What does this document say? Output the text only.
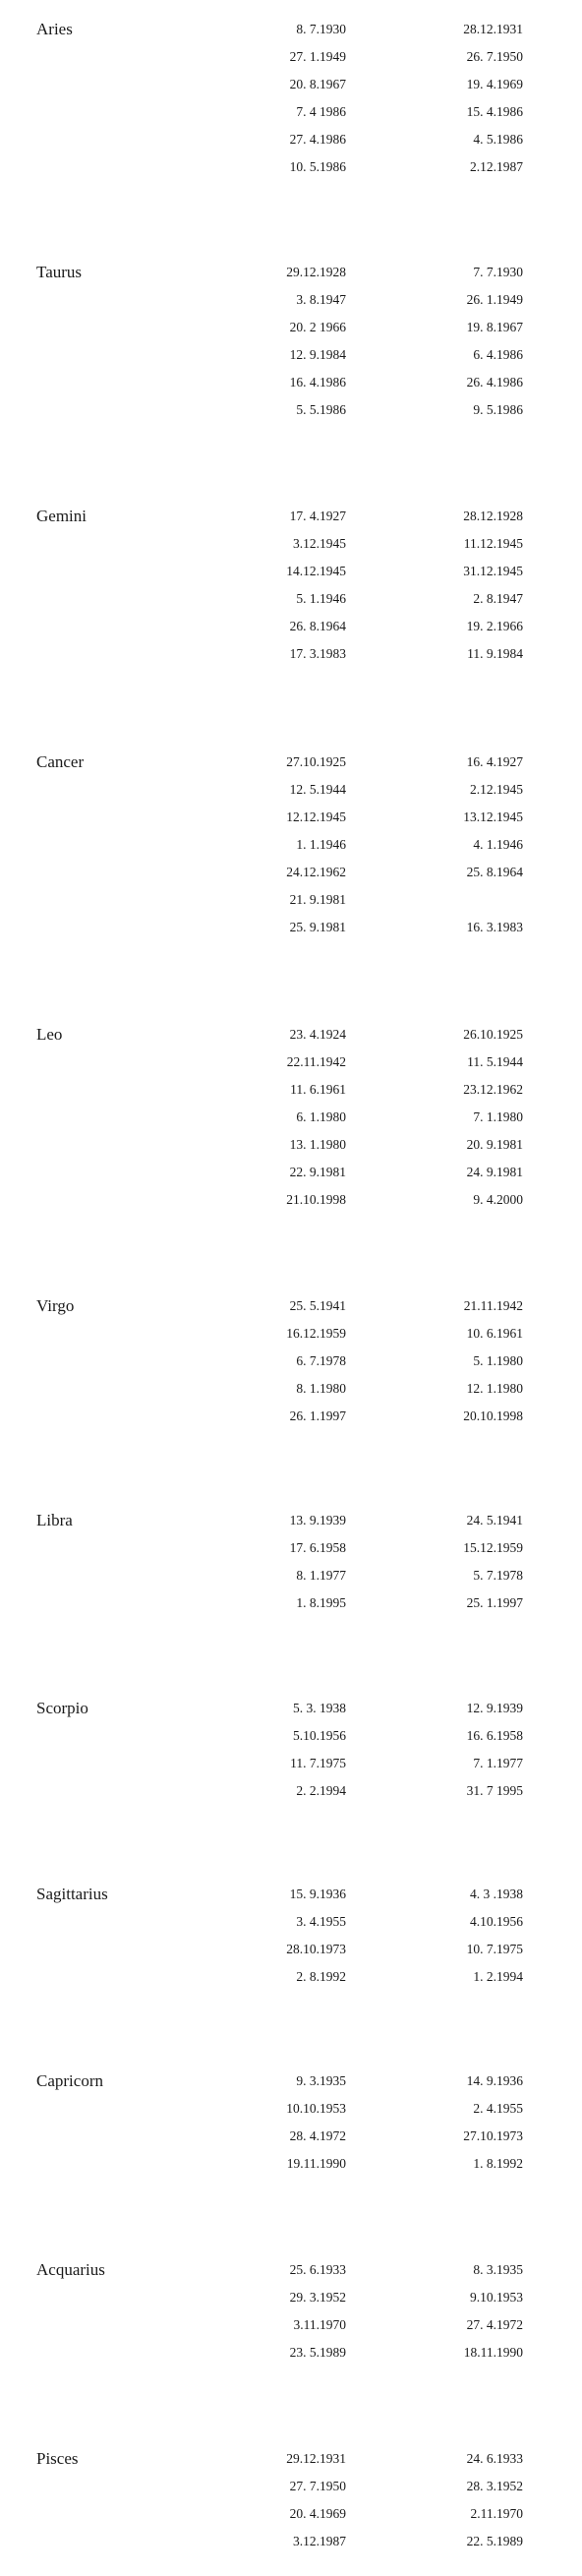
Aries	8. 7.1930	28.12.1931
27. 1.1949	26. 7.1950
20. 8.1967	19. 4.1969
7. 4 1986	15. 4.1986
27. 4.1986	4. 5.1986
10. 5.1986	2.12.1987
Taurus	29.12.1928	7. 7.1930
3. 8.1947	26. 1.1949
20. 2 1966	19. 8.1967
12. 9.1984	6. 4.1986
16. 4.1986	26. 4.1986
5. 5.1986	9. 5.1986
Gemini	17. 4.1927	28.12.1928
3.12.1945	11.12.1945
14.12.1945	31.12.1945
5. 1.1946	2. 8.1947
26. 8.1964	19. 2.1966
17. 3.1983	11. 9.1984
Cancer	27.10.1925	16. 4.1927
12. 5.1944	2.12.1945
12.12.1945	13.12.1945
1. 1.1946	4. 1.1946
24.12.1962	25. 8.1964
21. 9.1981
25. 9.1981	16. 3.1983
Leo	23. 4.1924	26.10.1925
22.11.1942	11. 5.1944
11. 6.1961	23.12.1962
6. 1.1980	7. 1.1980
13. 1.1980	20. 9.1981
22. 9.1981	24. 9.1981
21.10.1998	9. 4.2000
Virgo	25. 5.1941	21.11.1942
16.12.1959	10. 6.1961
6. 7.1978	5. 1.1980
8. 1.1980	12. 1.1980
26. 1.1997	20.10.1998
Libra	13. 9.1939	24. 5.1941
17. 6.1958	15.12.1959
8. 1.1977	5. 7.1978
1. 8.1995	25. 1.1997
Scorpio	5. 3. 1938	12. 9.1939
5.10.1956	16. 6.1958
11. 7.1975	7. 1.1977
2. 2.1994	31. 7 1995
Sagittarius	15. 9.1936	4. 3 .1938
3. 4.1955	4.10.1956
28.10.1973	10. 7.1975
2. 8.1992	1. 2.1994
Capricorn	9. 3.1935	14. 9.1936
10.10.1953	2. 4.1955
28. 4.1972	27.10.1973
19.11.1990	1. 8.1992
Acquarius	25. 6.1933	8. 3.1935
29. 3.1952	9.10.1953
3.11.1970	27. 4.1972
23. 5.1989	18.11.1990
Pisces	29.12.1931	24. 6.1933
27. 7.1950	28. 3.1952
20. 4.1969	2.11.1970
3.12.1987	22. 5.1989
